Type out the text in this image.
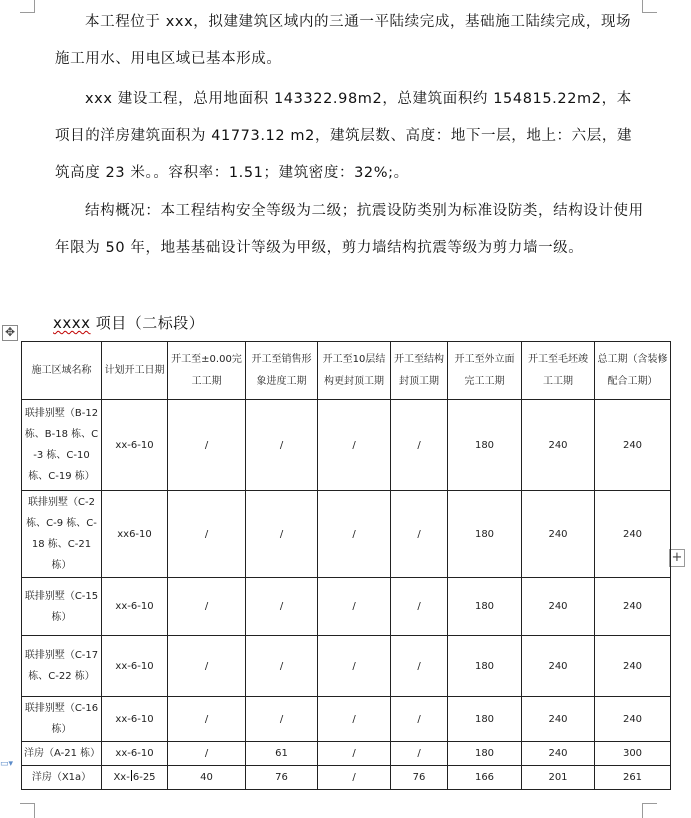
本工程位于 xxx，拟建建筑区域内的三通一平陆续完成，基础施工陆续完成，现场施工用水、用电区域已基本形成。

xxx 建设工程，总用地面积 143322.98m2，总建筑面积约 154815.22m2，本项目的洋房建筑面积为 41773.12 m2，建筑层数、高度：地下一层，地上：六层，建筑高度 23 米。。容积率：1.51；建筑密度：32%;。

结构概况：本工程结构安全等级为二级；抗震设防类别为标准设防类，结构设计使用年限为 50 年，地基基础设计等级为甲级，剪力墙结构抗震等级为剪力墙一级。

xxxx 项目（二标段）
✥
+
▭▾
施工区域名称	计划开工日期	开工至±0.00完工工期	开工至销售形象进度工期	开工至10层结构更封顶工期	开工至结构封顶工期	开工至外立面完工工期	开工至毛坯竣工工期	总工期（含装修配合工期）
联排别墅（B-12 栋、B-18 栋、C-3 栋、C-10 栋、C-19 栋）	xx-6-10	/	/	/	/	180	240	240
联排别墅（C-2 栋、C-9 栋、C-18 栋、C-21 栋）	xx6-10	/	/	/	/	180	240	240
联排别墅（C-15 栋）	xx-6-10	/	/	/	/	180	240	240
联排别墅（C-17 栋、C-22 栋）	xx-6-10	/	/	/	/	180	240	240
联排别墅（C-16 栋）	xx-6-10	/	/	/	/	180	240	240
洋房（A-21 栋）	xx-6-10	/	61	/	/	180	240	300
洋房（X1a）	Xx- 6-25	40	76	/	76	166	201	261
